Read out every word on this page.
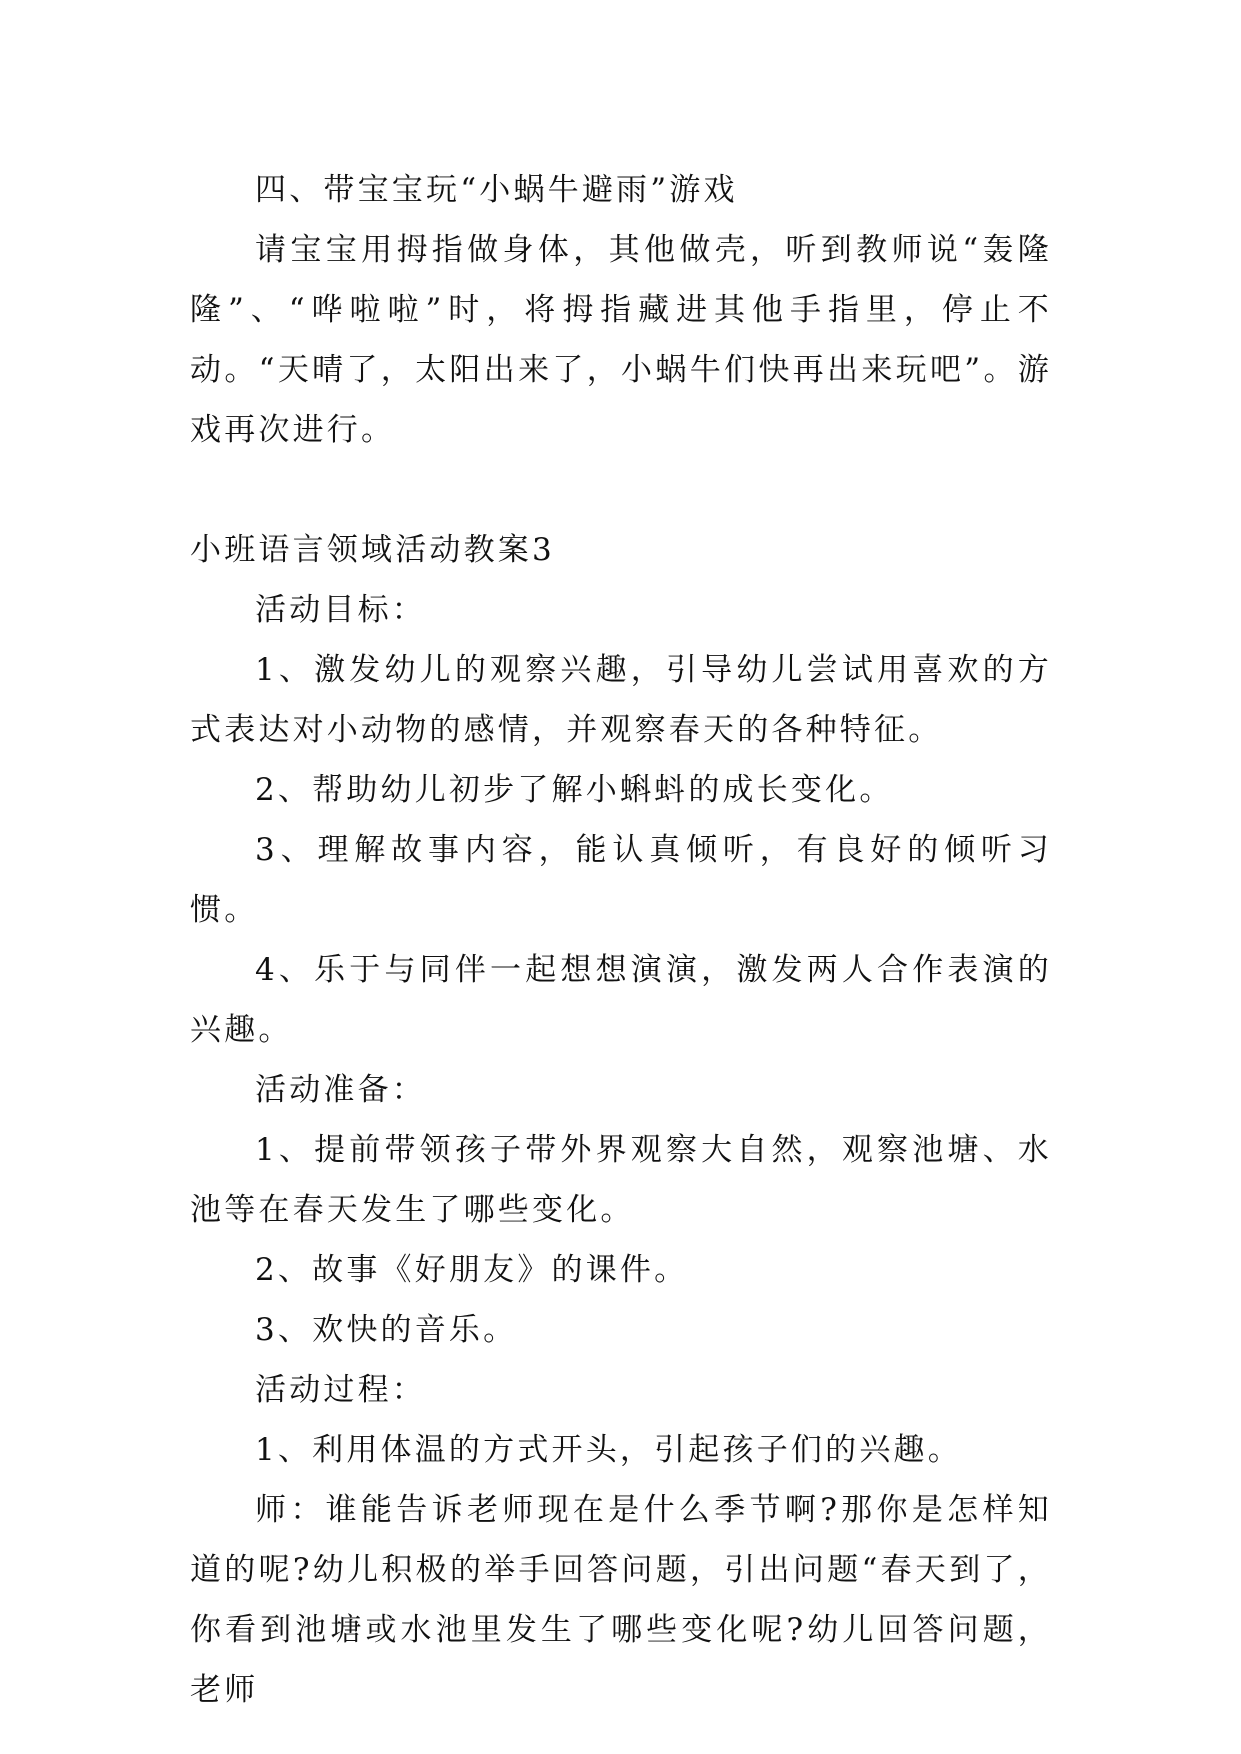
四、带宝宝玩“小蜗牛避雨”游戏

请宝宝用拇指做身体，其他做壳，听到教师说“轰隆隆”、“哗啦啦”时，将拇指藏进其他手指里，停止不动。“天晴了，太阳出来了，小蜗牛们快再出来玩吧”。游戏再次进行。

小班语言领域活动教案3

活动目标：

1、激发幼儿的观察兴趣，引导幼儿尝试用喜欢的方式表达对小动物的感情，并观察春天的各种特征。

2、帮助幼儿初步了解小蝌蚪的成长变化。

3、理解故事内容，能认真倾听，有良好的倾听习惯。

4、乐于与同伴一起想想演演，激发两人合作表演的兴趣。

活动准备：

1、提前带领孩子带外界观察大自然，观察池塘、水池等在春天发生了哪些变化。

2、故事《好朋友》的课件。

3、欢快的音乐。

活动过程：

1、利用体温的方式开头，引起孩子们的兴趣。

师：谁能告诉老师现在是什么季节啊?那你是怎样知道的呢?幼儿积极的举手回答问题，引出问题“春天到了，你看到池塘或水池里发生了哪些变化呢?幼儿回答问题，老师
